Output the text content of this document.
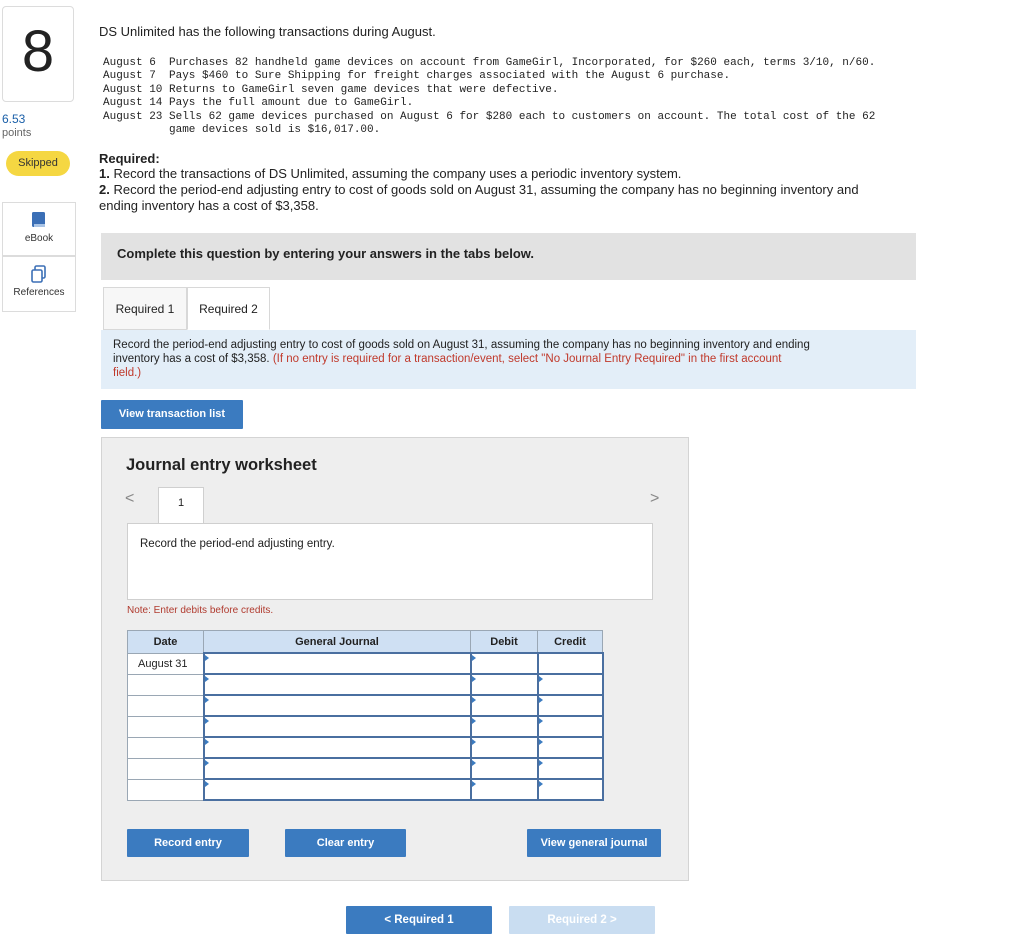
8
6.53
points
Skipped
eBook
References
DS Unlimited has the following transactions during August.
August 6	Purchases 82 handheld game devices on account from GameGirl, Incorporated, for $260 each, terms 3/10, n/60.
August 7	Pays $460 to Sure Shipping for freight charges associated with the August 6 purchase.
August 10 Returns to GameGirl seven game devices that were defective.
August 14 Pays the full amount due to GameGirl.
August 23 Sells 62 game devices purchased on August 6 for $280 each to customers on account. The total cost of the 62
game devices sold is $16,017.00.
Required:
1. Record the transactions of DS Unlimited, assuming the company uses a periodic inventory system.
2. Record the period-end adjusting entry to cost of goods sold on August 31, assuming the company has no beginning inventory and
ending inventory has a cost of $3,358.
Complete this question by entering your answers in the tabs below.
Required 1	Required 2
Record the period-end adjusting entry to cost of goods sold on August 31, assuming the company has no beginning inventory and ending
inventory has a cost of $3,358. (If no entry is required for a transaction/event, select "No Journal Entry Required" in the first account
field.)
View transaction list
Journal entry worksheet
<	>
1
Record the period-end adjusting entry.
Note: Enter debits before credits.
Date	General Journal	Debit	Credit
August 31	

Record entry	Clear entry	View general journal
< Required 1	Required 2 >
